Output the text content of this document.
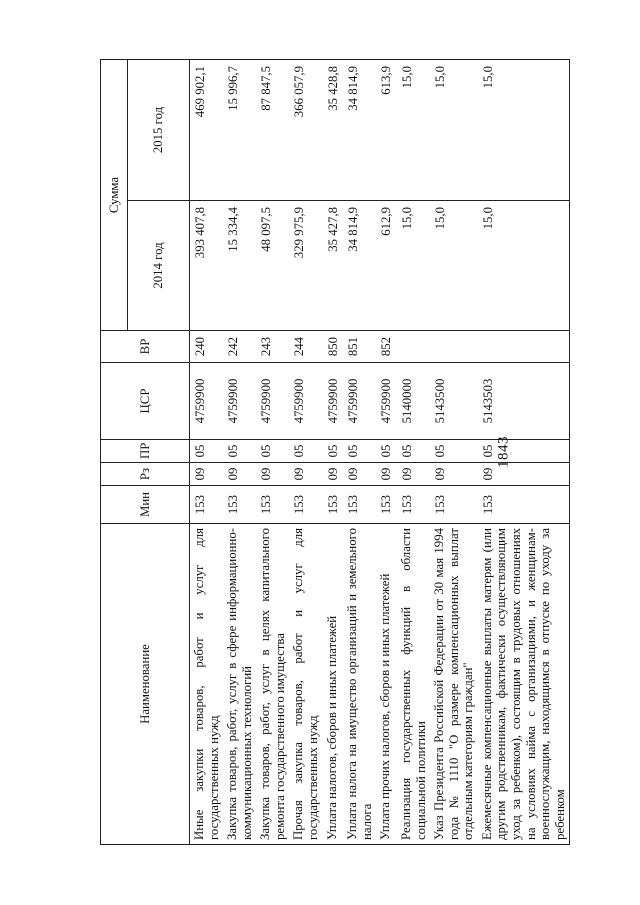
1843
Наименование	Мин	Рз	ПР	ЦСР	ВР	Сумма	
						2014 год	2015 год
Иные закупки товаров, работ и услуг для государственных нужд	153	09	05	4759900	240	393 407,8	469 902,1
Закупка товаров, работ, услуг в сфере информационно-коммуникационных технологий	153	09	05	4759900	242	15 334,4	15 996,7
Закупка товаров, работ, услуг в целях капитального ремонта государственного имущества	153	09	05	4759900	243	48 097,5	87 847,5
Прочая закупка товаров, работ и услуг для государственных нужд	153	09	05	4759900	244	329 975,9	366 057,9
Уплата налогов, сборов и иных платежей	153	09	05	4759900	850	35 427,8	35 428,8
Уплата налога на имущество организаций и земельного налога	153	09	05	4759900	851	34 814,9	34 814,9
Уплата прочих налогов, сборов и иных платежей	153	09	05	4759900	852	612,9	613,9
Реализация государственных функций в области социальной политики	153	09	05	5140000		15,0	15,0
Указ Президента Российской Федерации от 30 мая 1994 года № 1110 "О размере компенсационных выплат отдельным категориям граждан"	153	09	05	5143500		15,0	15,0
Ежемесячные компенсационные выплаты матерям (или другим родственникам, фактически осуществляющим уход за ребенком), состоящим в трудовых отношениях на условиях найма с организациями, и женщинам-военнослужащим, находящимся в отпуске по уходу за ребенком	153	09	05	5143503		15,0	15,0
